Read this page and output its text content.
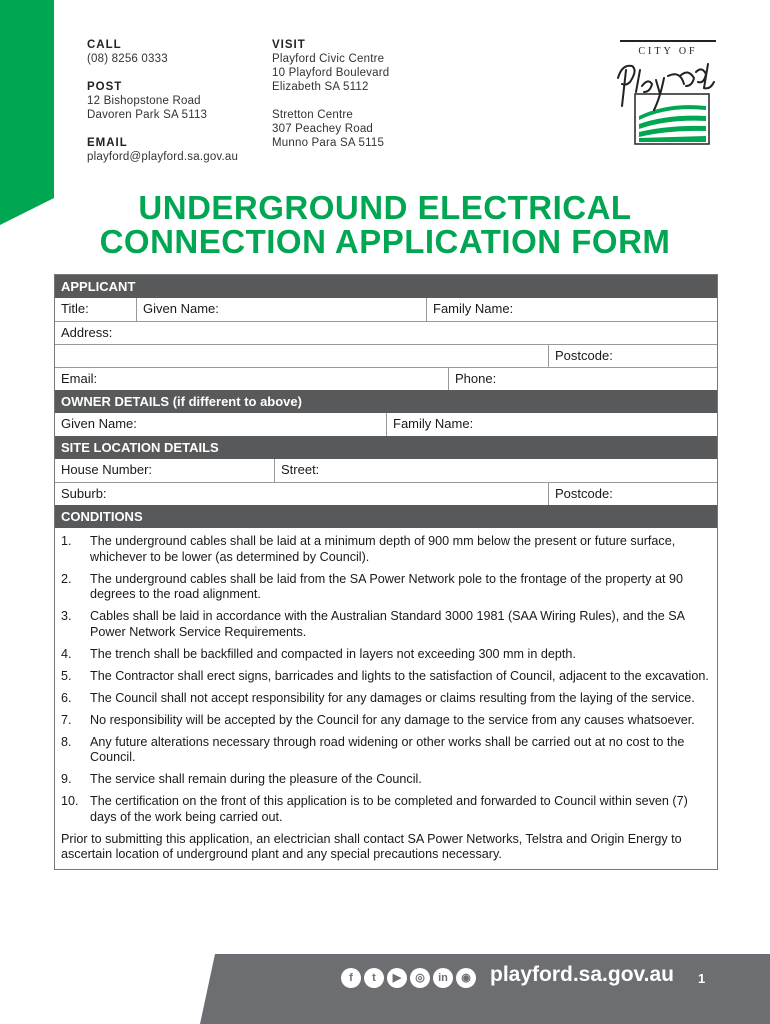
CALL
(08) 8256 0333
POST
12 Bishopstone Road
Davoren Park SA 5113
EMAIL
playford@playford.sa.gov.au
VISIT
Playford Civic Centre
10 Playford Boulevard
Elizabeth SA 5112
Stretton Centre
307 Peachey Road
Munno Para SA 5115
CITY OF
UNDERGROUND ELECTRICAL
CONNECTION APPLICATION FORM
APPLICANT
Title:	Given Name:	Family Name:
Address:
Postcode:
Email:	Phone:
OWNER DETAILS (if different to above)
Given Name:	Family Name:
SITE LOCATION DETAILS
House Number:	Street:
Suburb:	Postcode:
CONDITIONS
1.	The underground cables shall be laid at a minimum depth of 900 mm below the present or future surface, whichever to be lower (as determined by Council).
2.	The underground cables shall be laid from the SA Power Network pole to the frontage of the property at 90 degrees to the road alignment.
3.	Cables shall be laid in accordance with the Australian Standard 3000 1981 (SAA Wiring Rules), and the SA Power Network Service Requirements.
4.	The trench shall be backfilled and compacted in layers not exceeding 300 mm in depth.
5.	The Contractor shall erect signs, barricades and lights to the satisfaction of Council, adjacent to the excavation.
6.	The Council shall not accept responsibility for any damages or claims resulting from the laying of the service.
7.	No responsibility will be accepted by the Council for any damage to the service from any causes whatsoever.
8.	Any future alterations necessary through road widening or other works shall be carried out at no cost to the Council.
9.	The service shall remain during the pleasure of the Council.
10. The certification on the front of this application is to be completed and forwarded to Council within seven (7) days of the work being carried out.
Prior to submitting this application, an electrician shall contact SA Power Networks, Telstra and Origin Energy to ascertain location of underground plant and any special precautions necessary.
f	t	▶	◎	in	◉ playford.sa.gov.au 1
